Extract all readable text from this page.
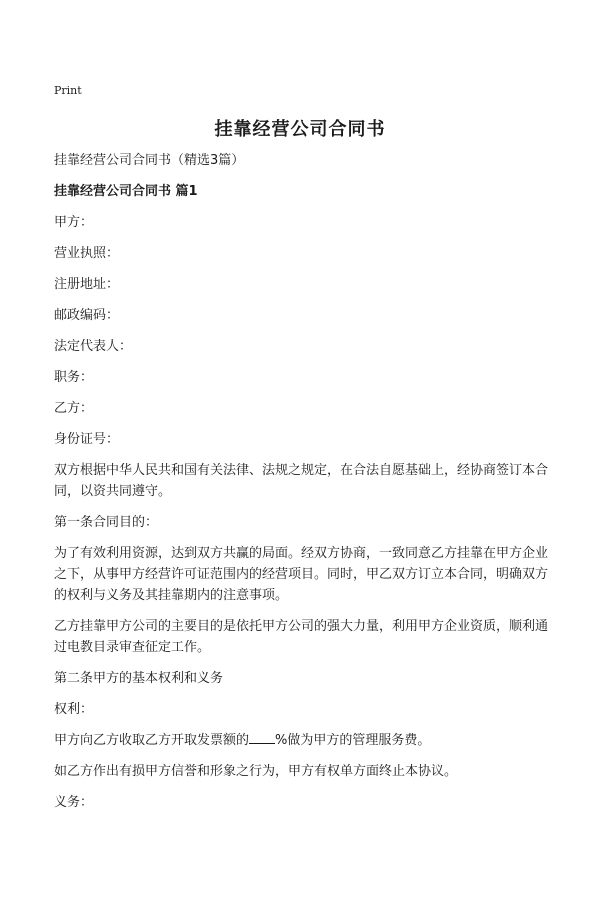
Print
挂靠经营公司合同书

挂靠经营公司合同书（精选3篇）

挂靠经营公司合同书 篇1

甲方：

营业执照：

注册地址：

邮政编码：

法定代表人：

职务：

乙方：

身份证号：

双方根据中华人民共和国有关法律、法规之规定，在合法自愿基础上，经协商签订本合同，以资共同遵守。

第一条合同目的：

为了有效利用资源，达到双方共赢的局面。经双方协商，一致同意乙方挂靠在甲方企业之下，从事甲方经营许可证范围内的经营项目。同时，甲乙双方订立本合同，明确双方的权利与义务及其挂靠期内的注意事项。

乙方挂靠甲方公司的主要目的是依托甲方公司的强大力量，利用甲方企业资质，顺利通过电教目录审查征定工作。

第二条甲方的基本权利和义务

权利：

甲方向乙方收取乙方开取发票额的 %做为甲方的管理服务费。

如乙方作出有损甲方信誉和形象之行为，甲方有权单方面终止本协议。

义务：
